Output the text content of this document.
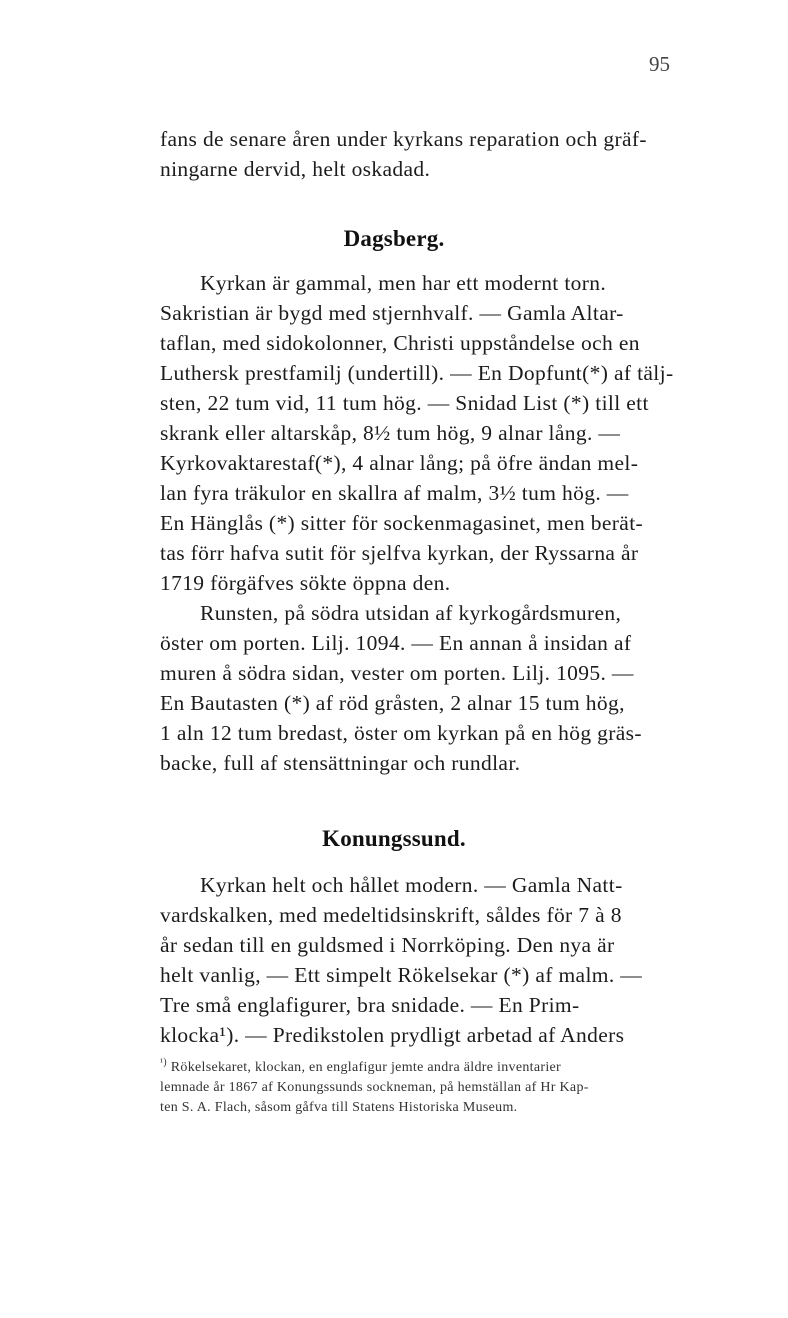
95
fans de senare åren under kyrkans reparation och gräf-
ningarne dervid, helt oskadad.
Dagsberg.
Kyrkan är gammal, men har ett modernt torn.
Sakristian är bygd med stjernhvalf. — Gamla Altar-
taflan, med sidokolonner, Christi uppståndelse och en
Luthersk prestfamilj (undertill). — En Dopfunt(*) af tälj-
sten, 22 tum vid, 11 tum hög. — Snidad List (*) till ett
skrank eller altarskåp, 8½ tum hög, 9 alnar lång. —
Kyrkovaktarestaf(*), 4 alnar lång; på öfre ändan mel-
lan fyra träkulor en skallra af malm, 3½ tum hög. —
En Hänglås (*) sitter för sockenmagasinet, men berät-
tas förr hafva sutit för sjelfva kyrkan, der Ryssarna år
1719 förgäfves sökte öppna den.
Runsten, på södra utsidan af kyrkogårdsmuren,
öster om porten. Lilj. 1094. — En annan å insidan af
muren å södra sidan, vester om porten. Lilj. 1095. —
En Bautasten (*) af röd gråsten, 2 alnar 15 tum hög,
1 aln 12 tum bredast, öster om kyrkan på en hög gräs-
backe, full af stensättningar och rundlar.
Konungssund.
Kyrkan helt och hållet modern. — Gamla Natt-
vardskalken, med medeltidsinskrift, såldes för 7 à 8
år sedan till en guldsmed i Norrköping. Den nya är
helt vanlig, — Ett simpelt Rökelsekar (*) af malm. —
Tre små englafigurer, bra snidade. — En Prim-
klocka¹). — Predikstolen prydligt arbetad af Anders
$^{^1)}$ Rökelsekaret, klockan, en englafigur jemte andra äldre inventarier
lemnade år 1867 af Konungssunds sockneman, på hemställan af Hr Kap-
ten S. A. Flach, såsom gåfva till Statens Historiska Museum.
